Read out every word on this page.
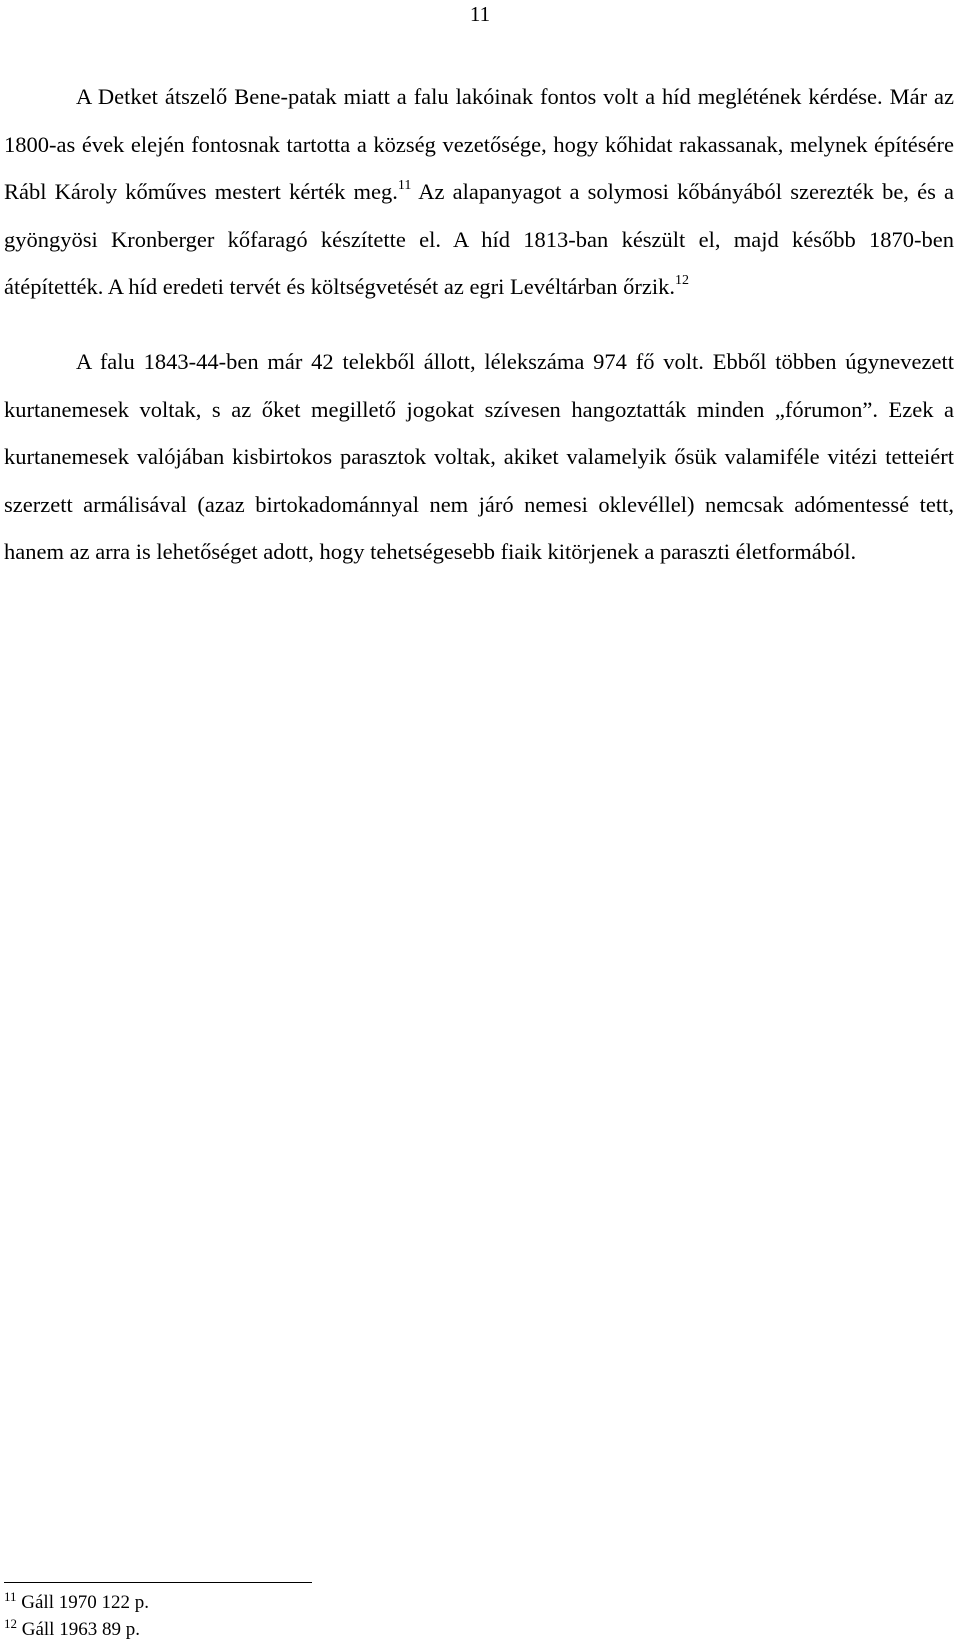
11

A Detket átszelő Bene-patak miatt a falu lakóinak fontos volt a híd meglétének kérdése. Már az 1800-as évek elején fontosnak tartotta a község vezetősége, hogy kőhidat rakassanak, melynek építésére Rábl Károly kőműves mestert kérték meg.$^{11}$ Az alapanyagot a solymosi kőbányából szerezték be, és a gyöngyösi Kronberger kőfaragó készítette el. A híd 1813-ban készült el, majd később 1870-ben átépítették. A híd eredeti tervét és költségvetését az egri Levéltárban őrzik.$^{12}$

A falu 1843-44-ben már 42 telekből állott, lélekszáma 974 fő volt. Ebből többen úgynevezett kurtanemesek voltak, s az őket megillető jogokat szívesen hangoztatták minden „fórumon”. Ezek a kurtanemesek valójában kisbirtokos parasztok voltak, akiket valamelyik ősük valamiféle vitézi tetteiért szerzett armálisával (azaz birtokadománnyal nem járó nemesi oklevéllel) nemcsak adómentessé tett, hanem az arra is lehetőséget adott, hogy tehetségesebb fiaik kitörjenek a paraszti életformából.

$^{11}$ Gáll 1970 122 p.
$^{12}$ Gáll 1963 89 p.
